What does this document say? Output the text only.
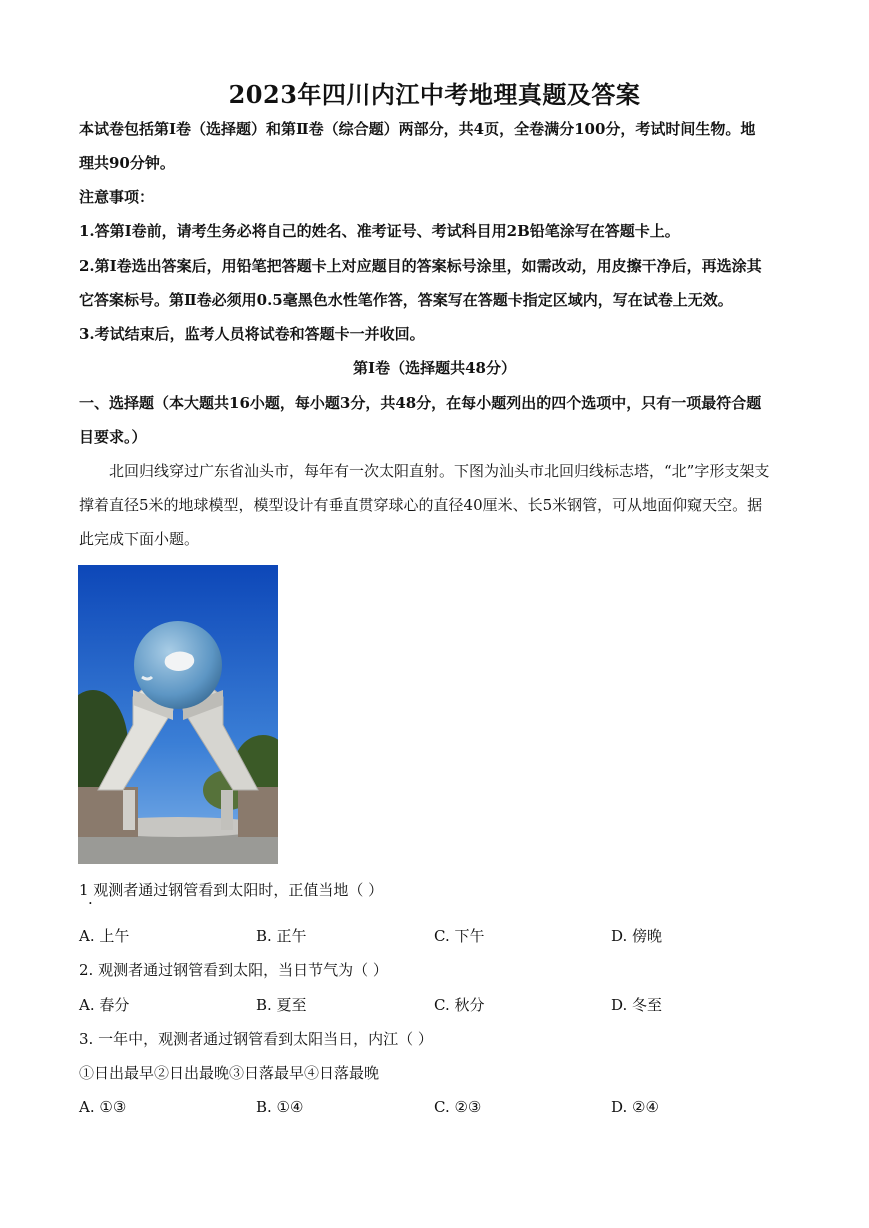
2023年四川内江中考地理真题及答案
本试卷包括第Ⅰ卷（选择题）和第Ⅱ卷（综合题）两部分，共4页，全卷满分100分，考试时间生物。地
理共90分钟。
注意事项：
1.答第Ⅰ卷前，请考生务必将自己的姓名、准考证号、考试科目用2B铅笔涂写在答题卡上。
2.第Ⅰ卷选出答案后，用铅笔把答题卡上对应题目的答案标号涂里，如需改动，用皮擦干净后，再选涂其
它答案标号。第Ⅱ卷必须用0.5毫黑色水性笔作答，答案写在答题卡指定区域内，写在试卷上无效。
3.考试结束后，监考人员将试卷和答题卡一并收回。
第Ⅰ卷（选择题共48分）
一、选择题（本大题共16小题，每小题3分，共48分，在每小题列出的四个选项中，只有一项最符合题
目要求。）
北回归线穿过广东省汕头市，每年有一次太阳直射。下图为汕头市北回归线标志塔，“北”字形支架支
撑着直径5米的地球模型，模型设计有垂直贯穿球心的直径40厘米、长5米钢管，可从地面仰窥天空。据
此完成下面小题。
1 观测者通过钢管看到太阳时，正值当地（ ）
·
A. 上午	B. 正午	C. 下午	D. 傍晚
2. 观测者通过钢管看到太阳，当日节气为（ ）
A. 春分	B. 夏至	C. 秋分	D. 冬至
3. 一年中，观测者通过钢管看到太阳当日，内江（ ）
①日出最早②日出最晚③日落最早④日落最晚
A. ①③	B. ①④	C. ②③	D. ②④
